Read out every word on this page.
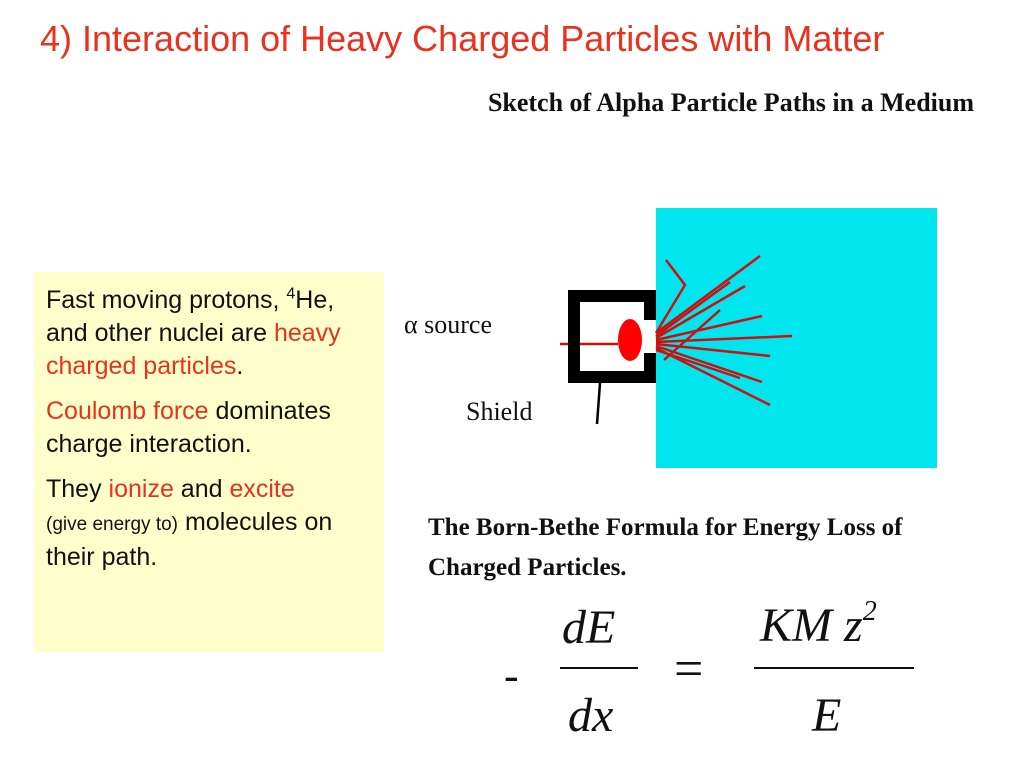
4) Interaction of Heavy Charged Particles with Matter
Sketch of Alpha Particle Paths in a Medium

Fast moving protons, $^4$He, and other nuclei are heavy charged particles.

Coulomb force dominates charge interaction.

They ionize and excite
(give energy to) molecules on their path.

α source
Shield
The Born-Bethe Formula for Energy Loss of Charged Particles.
-
dE
dx
=
KM $z^2$
E
